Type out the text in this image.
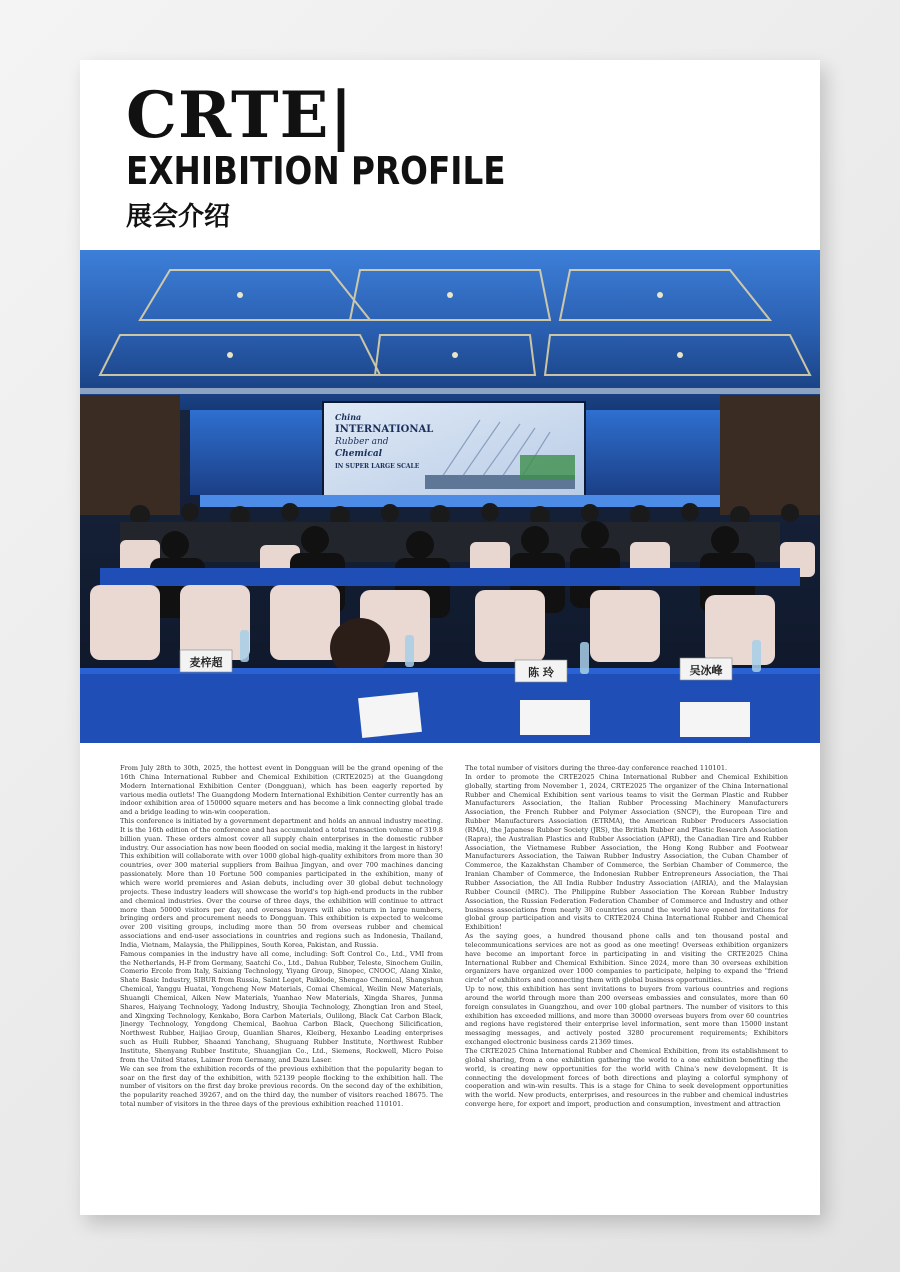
CRTE|
EXHIBITION PROFILE
展会介绍
China
INTERNATIONAL
Rubber and
Chemical
IN SUPER LARGE SCALE
麦梓超
陈 玲	吴冰峰

From July 28th to 30th, 2025, the hottest event in Dongguan will be the grand opening of the 16th China International Rubber and Chemical Exhibition (CRTE2025) at the Guangdong Modern International Exhibition Center (Dongguan), which has been eagerly reported by various media outlets! The Guangdong Modern International Exhibition Center currently has an indoor exhibition area of 150000 square meters and has become a link connecting global trade and a bridge leading to win-win cooperation.

This conference is initiated by a government department and holds an annual industry meeting. It is the 16th edition of the conference and has accumulated a total transaction volume of 319.8 billion yuan. These orders almost cover all supply chain enterprises in the domestic rubber industry. Our association has now been flooded on social media, making it the largest in history!

This exhibition will collaborate with over 1000 global high-quality exhibitors from more than 30 countries, over 300 material suppliers from Baihua Jingyan, and over 700 machines dancing passionately. More than 10 Fortune 500 companies participated in the exhibition, many of which were world premieres and Asian debuts, including over 30 global debut technology projects. These industry leaders will showcase the world's top high-end products in the rubber and chemical industries. Over the course of three days, the exhibition will continue to attract more than 50000 visitors per day, and overseas buyers will also return in large numbers, bringing orders and procurement needs to Dongguan. This exhibition is expected to welcome over 200 visiting groups, including more than 50 from overseas rubber and chemical associations and end-user associations in countries and regions such as Indonesia, Thailand, India, Vietnam, Malaysia, the Philippines, South Korea, Pakistan, and Russia.

Famous companies in the industry have all come, including: Soft Control Co., Ltd., VMI from the Netherlands, H-F from Germany, Saatchi Co., Ltd., Dahua Rubber, Teleste, Sinochem Guilin, Comerio Ercole from Italy, Saixiang Technology, Yiyang Group, Sinopec, CNOOC, Alang Xinke, Shate Basic Industry, SIBUR from Russia, Saint Leget, Paiklode, Shengao Chemical, Shangshun Chemical, Yanggu Huatai, Yongcheng New Materials, Comai Chemical, Weilin New Materials, Shuangli Chemical, Aiken New Materials, Yuanhao New Materials, Xingda Shares, Junma Shares, Haiyang Technology, Yadong Industry, Shoujia Technology, Zhongtian Iron and Steel, and Xingxing Technology, Kenkabo, Bora Carbon Materials, Oulilong, Black Cat Carbon Black, Jinergy Technology, Yongdong Chemical, Baohua Carbon Black, Quechong Silicification, Northwest Rubber, Haijiao Group, Guanlian Shares, Kleiberg, Hexanbo Leading enterprises such as Huili Rubber, Shaanxi Yanchang, Shuguang Rubber Institute, Northwest Rubber Institute, Shenyang Rubber Institute, Shuangjian Co., Ltd., Siemens, Rockwell, Micro Poise from the United States, Laimer from Germany, and Dazu Laser.

We can see from the exhibition records of the previous exhibition that the popularity began to soar on the first day of the exhibition, with 52139 people flocking to the exhibition hall. The number of visitors on the first day broke previous records. On the second day of the exhibition, the popularity reached 39267, and on the third day, the number of visitors reached 18675. The total number of visitors in the three days of the previous exhibition reached 110101.

The total number of visitors during the three-day conference reached 110101.

In order to promote the CRTE2025 China International Rubber and Chemical Exhibition globally, starting from November 1, 2024, CRTE2025 The organizer of the China International Rubber and Chemical Exhibition sent various teams to visit the German Plastic and Rubber Manufacturers Association, the Italian Rubber Processing Machinery Manufacturers Association, the French Rubber and Polymer Association (SNCP), the European Tire and Rubber Manufacturers Association (ETRMA), the American Rubber Producers Association (RMA), the Japanese Rubber Society (JRS), the British Rubber and Plastic Research Association (Rapra), the Australian Plastics and Rubber Association (APRI), the Canadian Tire and Rubber Association, the Vietnamese Rubber Association, the Hong Kong Rubber and Footwear Manufacturers Association, the Taiwan Rubber Industry Association, the Cuban Chamber of Commerce, the Kazakhstan Chamber of Commerce, the Serbian Chamber of Commerce, the Iranian Chamber of Commerce, the Indonesian Rubber Entrepreneurs Association, the Thai Rubber Association, the All India Rubber Industry Association (AIRIA), and the Malaysian Rubber Council (MRC). The Philippine Rubber Association The Korean Rubber Industry Association, the Russian Federation Federation Chamber of Commerce and Industry and other business associations from nearly 30 countries around the world have opened invitations for global group participation and visits to CRTE2024 China International Rubber and Chemical Exhibition!

As the saying goes, a hundred thousand phone calls and ten thousand postal and telecommunications services are not as good as one meeting! Overseas exhibition organizers have become an important force in participating in and visiting the CRTE2025 China International Rubber and Chemical Exhibition. Since 2024, more than 30 overseas exhibition organizers have organized over 1000 companies to participate, helping to expand the "friend circle" of exhibitors and connecting them with global business opportunities.

Up to now, this exhibition has sent invitations to buyers from various countries and regions around the world through more than 200 overseas embassies and consulates, more than 60 foreign consulates in Guangzhou, and over 100 global partners. The number of visitors to this exhibition has exceeded millions, and more than 30000 overseas buyers from over 60 countries and regions have registered their enterprise level information, sent more than 15000 instant messaging messages, and actively posted 3280 procurement requirements; Exhibitors exchanged electronic business cards 21369 times.

The CRTE2025 China International Rubber and Chemical Exhibition, from its establishment to global sharing, from a one exhibition gathering the world to a one exhibition benefiting the world, is creating new opportunities for the world with China's new development. It is connecting the development forces of both directions and playing a colorful symphony of cooperation and win-win results. This is a stage for China to seek development opportunities with the world. New products, enterprises, and resources in the rubber and chemical industries converge here, for export and import, production and consumption, investment and attraction
